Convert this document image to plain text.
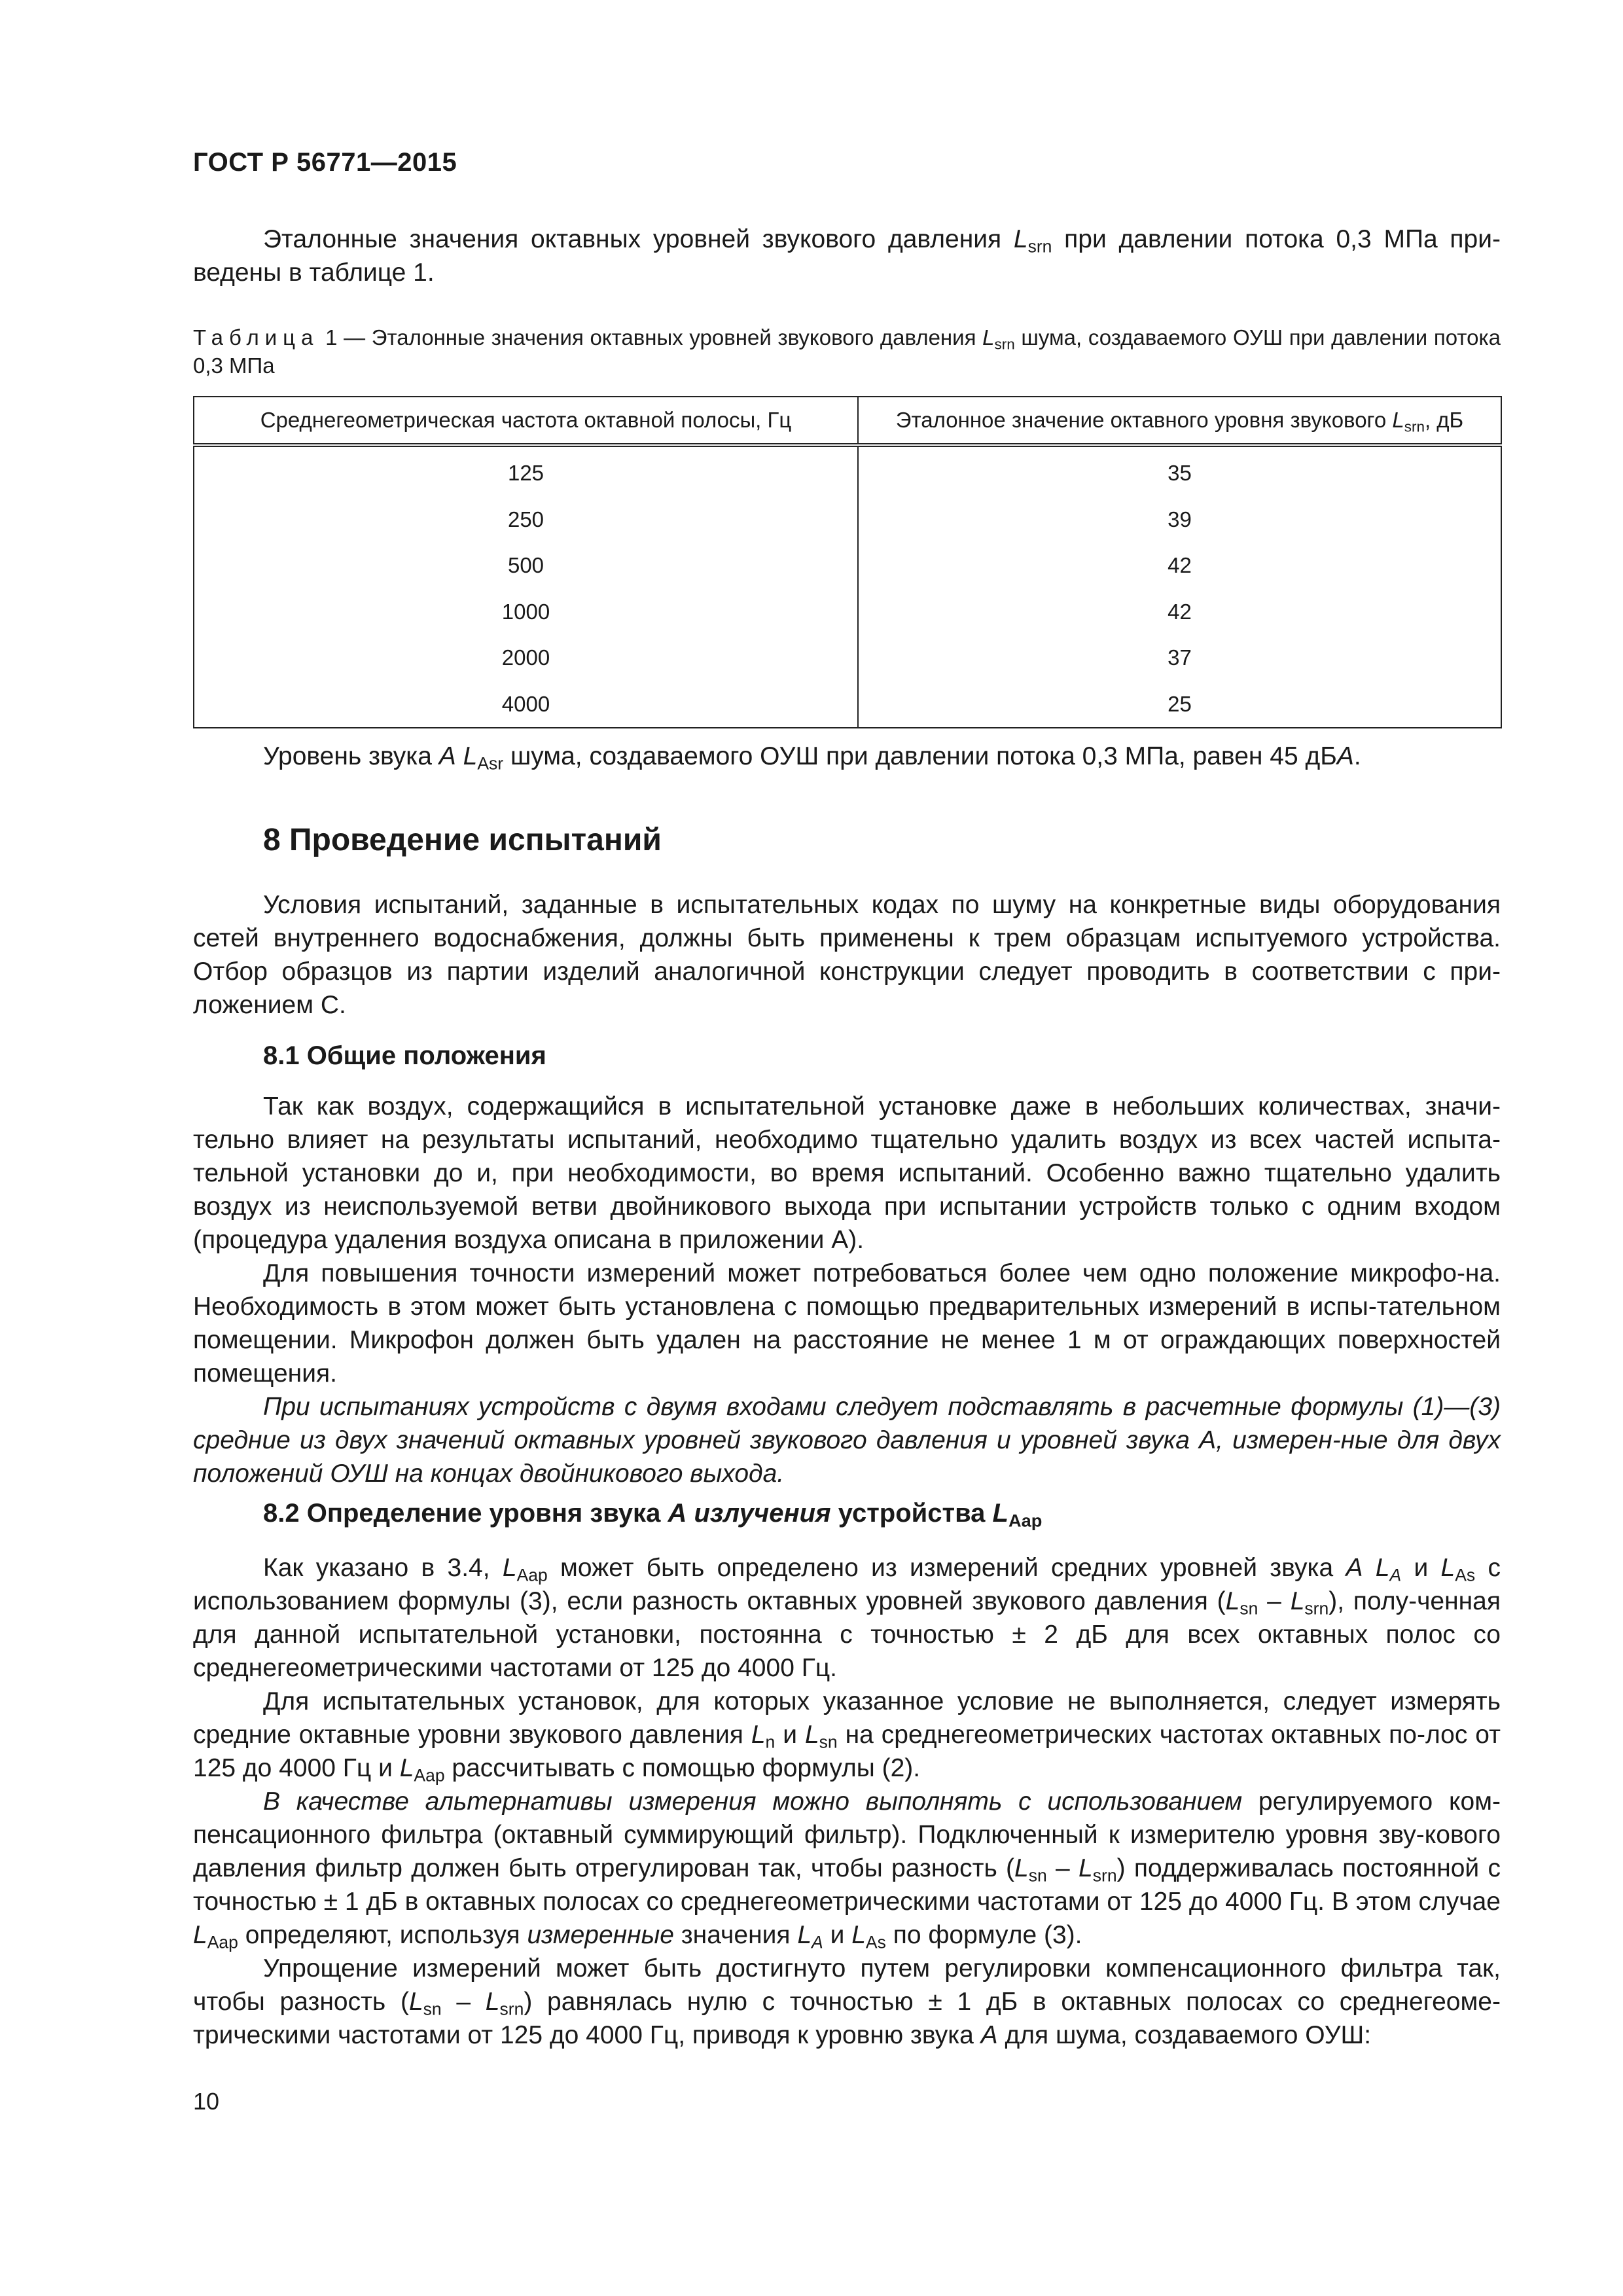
ГОСТ Р 56771—2015
Эталонные значения октавных уровней звукового давления $L_{srn}$ при давлении потока 0,3 МПа при-ведены в таблице 1.
Таблица 1 — Эталонные значения октавных уровней звукового давления $L_{srn}$ шума, создаваемого ОУШ при давлении потока 0,3 МПа
Среднегеометрическая частота октавной полосы, Гц	Эталонное значение октавного уровня звукового $L_{srn}$, дБ
125	35
250	39
500	42
1000	42
2000	37
4000	25
Уровень звука А $L_{Asr}$ шума, создаваемого ОУШ при давлении потока 0,3 МПа, равен 45 дБА.
8 Проведение испытаний
Условия испытаний, заданные в испытательных кодах по шуму на конкретные виды оборудования сетей внутреннего водоснабжения, должны быть применены к трем образцам испытуемого устройства. Отбор образцов из партии изделий аналогичной конструкции следует проводить в соответствии с при-ложением С.
8.1 Общие положения
Так как воздух, содержащийся в испытательной установке даже в небольших количествах, значи-тельно влияет на результаты испытаний, необходимо тщательно удалить воздух из всех частей испыта-тельной установки до и, при необходимости, во время испытаний. Особенно важно тщательно удалить воздух из неиспользуемой ветви двойникового выхода при испытании устройств только с одним входом (процедура удаления воздуха описана в приложении А).
Для повышения точности измерений может потребоваться более чем одно положение микрофо-на. Необходимость в этом может быть установлена с помощью предварительных измерений в испы-тательном помещении. Микрофон должен быть удален на расстояние не менее 1 м от ограждающих поверхностей помещения.
При испытаниях устройств с двумя входами следует подставлять в расчетные формулы (1)—(3) средние из двух значений октавных уровней звукового давления и уровней звука А, измерен-ные для двух положений ОУШ на концах двойникового выхода.
8.2 Определение уровня звука А излучения устройства $L_{Aap}$
Как указано в 3.4, $L_{Aap}$ может быть определено из измерений средних уровней звука А $L_A$ и $L_{As}$ с использованием формулы (3), если разность октавных уровней звукового давления $(L_{sn} - L_{srn})$, полу-ченная для данной испытательной установки, постоянна с точностью ± 2 дБ для всех октавных полос со среднегеометрическими частотами от 125 до 4000 Гц.
Для испытательных установок, для которых указанное условие не выполняется, следует измерять средние октавные уровни звукового давления $L_n$ и $L_{sn}$ на среднегеометрических частотах октавных по-лос от 125 до 4000 Гц и $L_{Aap}$ рассчитывать с помощью формулы (2).
В качестве альтернативы измерения можно выполнять с использованием регулируемого ком-пенсационного фильтра (октавный суммирующий фильтр). Подключенный к измерителю уровня зву-кового давления фильтр должен быть отрегулирован так, чтобы разность $(L_{sn} - L_{srn})$ поддерживалась постоянной с точностью ± 1 дБ в октавных полосах со среднегеометрическими частотами от 125 до 4000 Гц. В этом случае $L_{Aap}$ определяют, используя измеренные значения $L_A$ и $L_{As}$ по формуле (3).
Упрощение измерений может быть достигнуто путем регулировки компенсационного фильтра так, чтобы разность $(L_{sn} - L_{srn})$ равнялась нулю с точностью ± 1 дБ в октавных полосах со среднегеоме-трическими частотами от 125 до 4000 Гц, приводя к уровню звука А для шума, создаваемого ОУШ:
10
